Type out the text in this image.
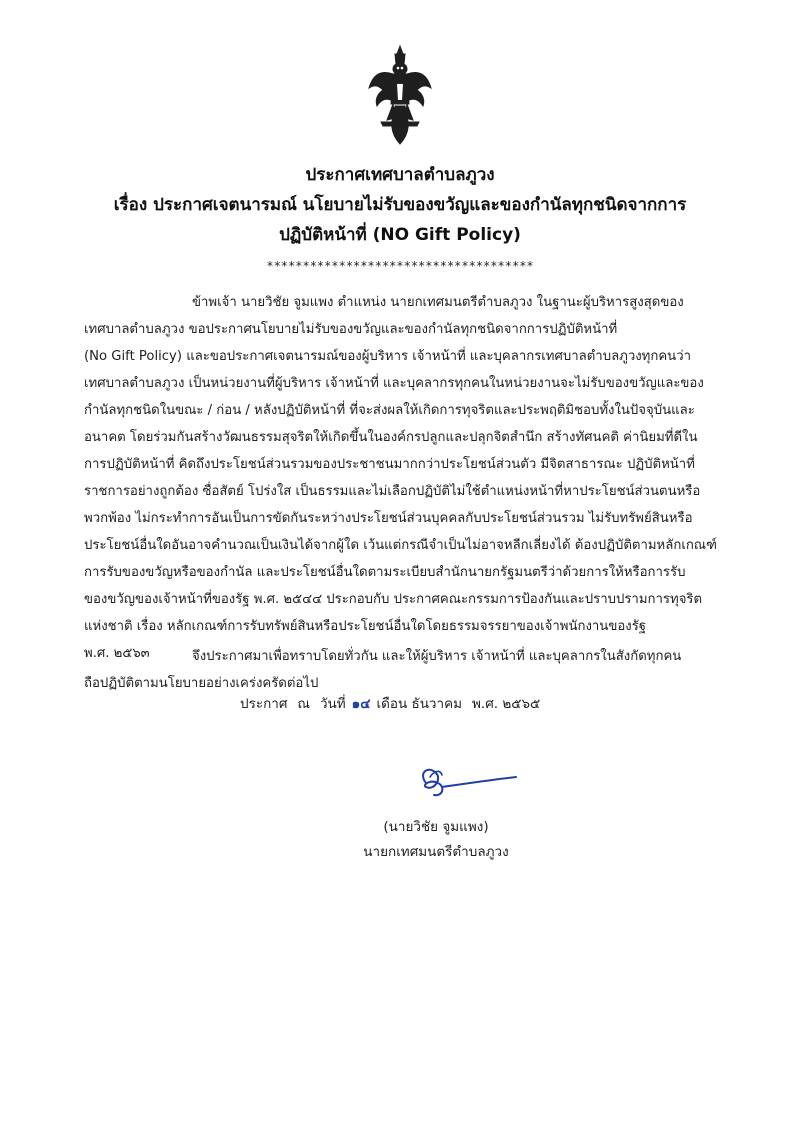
ประกาศเทศบาลตำบลภูวง
เรื่อง ประกาศเจตนารมณ์ นโยบายไม่รับของขวัญและของกำนัลทุกชนิดจากการ
ปฏิบัติหน้าที่ (NO Gift Policy)
*************************************
ข้าพเจ้า นายวิชัย จูมแพง ตำแหน่ง นายกเทศมนตรีตำบลภูวง ในฐานะผู้บริหารสูงสุดของ
เทศบาลตำบลภูวง ขอประกาศนโยบายไม่รับของขวัญและของกำนัลทุกชนิดจากการปฏิบัติหน้าที่
(No Gift Policy) และขอประกาศเจตนารมณ์ของผู้บริหาร เจ้าหน้าที่ และบุคลากรเทศบาลตำบลภูวงทุกคนว่า
เทศบาลตำบลภูวง เป็นหน่วยงานที่ผู้บริหาร เจ้าหน้าที่ และบุคลากรทุกคนในหน่วยงานจะไม่รับของขวัญและของ
กำนัลทุกชนิดในขณะ / ก่อน / หลังปฏิบัติหน้าที่ ที่จะส่งผลให้เกิดการทุจริตและประพฤติมิชอบทั้งในปัจจุบันและ
อนาคต โดยร่วมกันสร้างวัฒนธรรมสุจริตให้เกิดขึ้นในองค์กรปลูกและปลุกจิตสำนึก สร้างทัศนคติ ค่านิยมที่ดีใน
การปฏิบัติหน้าที่ คิดถึงประโยชน์ส่วนรวมของประชาชนมากกว่าประโยชน์ส่วนตัว มีจิตสาธารณะ ปฏิบัติหน้าที่
ราชการอย่างถูกต้อง ซื่อสัตย์ โปร่งใส เป็นธรรมและไม่เลือกปฏิบัติไม่ใช้ตำแหน่งหน้าที่หาประโยชน์ส่วนตนหรือ
พวกพ้อง ไม่กระทำการอันเป็นการขัดกันระหว่างประโยชน์ส่วนบุคคลกับประโยชน์ส่วนรวม ไม่รับทรัพย์สินหรือ
ประโยชน์อื่นใดอันอาจคำนวณเป็นเงินได้จากผู้ใด เว้นแต่กรณีจำเป็นไม่อาจหลีกเลี่ยงได้ ต้องปฏิบัติตามหลักเกณฑ์
การรับของขวัญหรือของกำนัล และประโยชน์อื่นใดตามระเบียบสำนักนายกรัฐมนตรีว่าด้วยการให้หรือการรับ
ของขวัญของเจ้าหน้าที่ของรัฐ พ.ศ. ๒๕๔๔ ประกอบกับ ประกาศคณะกรรมการป้องกันและปราบปรามการทุจริต
แห่งชาติ เรื่อง หลักเกณฑ์การรับทรัพย์สินหรือประโยชน์อื่นใดโดยธรรมจรรยาของเจ้าพนักงานของรัฐ
พ.ศ. ๒๕๖๓	จึงประกาศมาเพื่อทราบโดยทั่วกัน และให้ผู้บริหาร เจ้าหน้าที่ และบุคลากรในสังกัดทุกคน
ถือปฏิบัติตามนโยบายอย่างเคร่งครัดต่อไป
ประกาศ ณ วันที่ ๑๔ เดือน ธันวาคม พ.ศ. ๒๕๖๕
(นายวิชัย จูมแพง)
นายกเทศมนตรีตำบลภูวง
